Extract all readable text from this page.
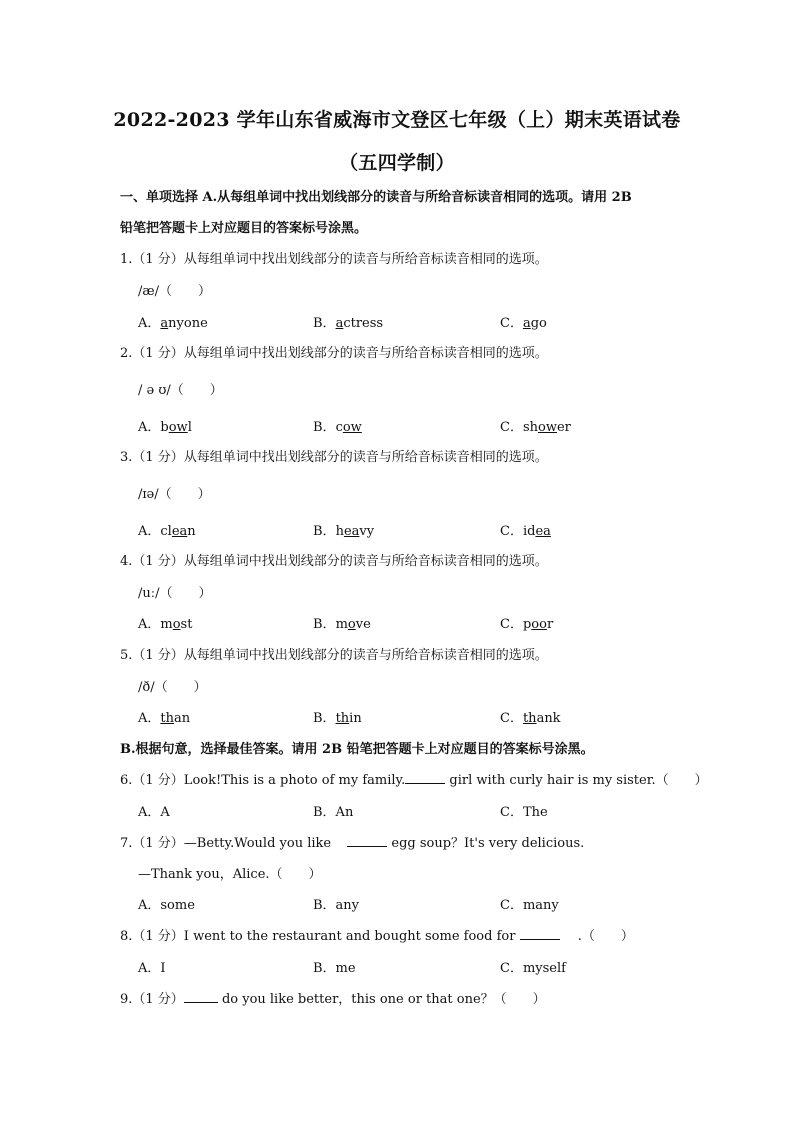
2022-2023 学年山东省威海市文登区七年级（上）期末英语试卷
（五四学制）
一、单项选择 A.从每组单词中找出划线部分的读音与所给音标读音相同的选项。请用 2B
铅笔把答题卡上对应题目的答案标号涂黑。
1.（1 分）从每组单词中找出划线部分的读音与所给音标读音相同的选项。
/æ/（　　）
A．anyone	B．actress	C．ago
2.（1 分）从每组单词中找出划线部分的读音与所给音标读音相同的选项。
/ ə ʊ/（　　）
A．bowl	B．cow	C．shower
3.（1 分）从每组单词中找出划线部分的读音与所给音标读音相同的选项。
/ɪə/（　　）
A．clean	B．heavy	C．idea
4.（1 分）从每组单词中找出划线部分的读音与所给音标读音相同的选项。
/uː/（　　）
A．most	B．move	C．poor
5.（1 分）从每组单词中找出划线部分的读音与所给音标读音相同的选项。
/ð/（　　）
A．than	B．thin	C．thank
B.根据句意，选择最佳答案。请用 2B 铅笔把答题卡上对应题目的答案标号涂黑。
6.（1 分）Look!This is a photo of my family.	girl with curly hair is my sister.（　　）
A．A	B．An	C．The
7.（1 分）—Betty.Would you like	egg soup？It's very delicious.
—Thank you，Alice.（　　）
A．some	B．any	C．many
8.（1 分）I went to the restaurant and bought some food for	.（　　）
A．I	B．me	C．myself
9.（1 分）	do you like better，this one or that one？（　　）
